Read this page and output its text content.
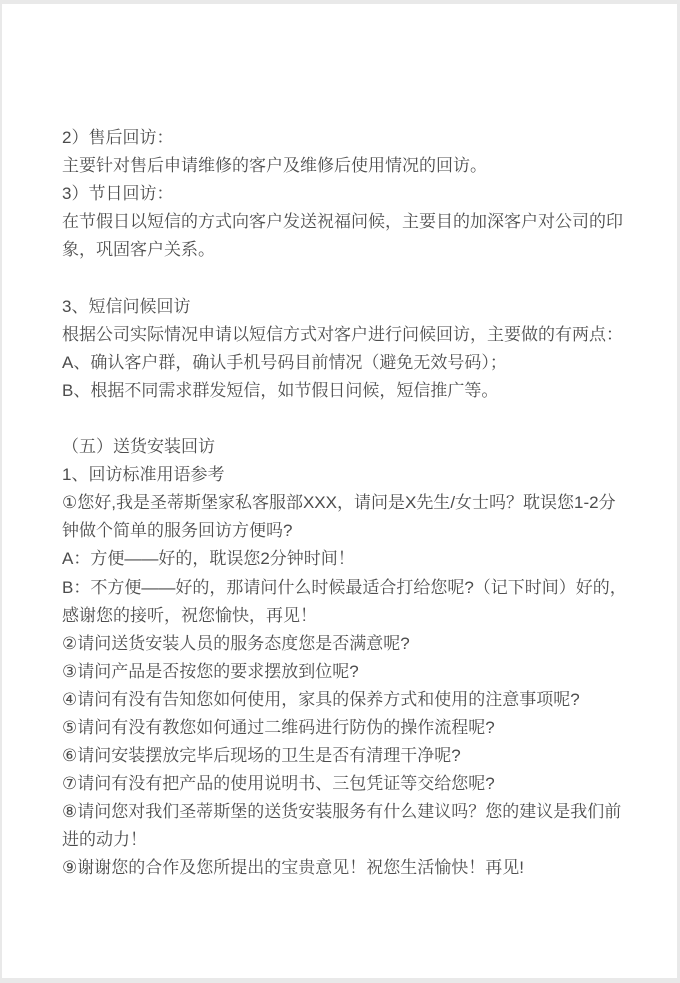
2）售后回访：
主要针对售后申请维修的客户及维修后使用情况的回访。
3）节日回访：
在节假日以短信的方式向客户发送祝福问候，主要目的加深客户对公司的印
象，巩固客户关系。

3、短信问候回访
根据公司实际情况申请以短信方式对客户进行问候回访，主要做的有两点：
A、确认客户群，确认手机号码目前情况（避免无效号码）；
B、根据不同需求群发短信，如节假日问候，短信推广等。

（五）送货安装回访
1、回访标准用语参考
①您好,我是圣蒂斯堡家私客服部XXX，请问是X先生/女士吗？耽误您1-2分
钟做个简单的服务回访方便吗?
A：方便——好的，耽误您2分钟时间！
B：不方便——好的，那请问什么时候最适合打给您呢?（记下时间）好的，
感谢您的接听，祝您愉快，再见！
②请问送货安装人员的服务态度您是否满意呢?
③请问产品是否按您的要求摆放到位呢?
④请问有没有告知您如何使用，家具的保养方式和使用的注意事项呢?
⑤请问有没有教您如何通过二维码进行防伪的操作流程呢?
⑥请问安装摆放完毕后现场的卫生是否有清理干净呢?
⑦请问有没有把产品的使用说明书、三包凭证等交给您呢?
⑧请问您对我们圣蒂斯堡的送货安装服务有什么建议吗？您的建议是我们前
进的动力！
⑨谢谢您的合作及您所提出的宝贵意见！祝您生活愉快！再见!
